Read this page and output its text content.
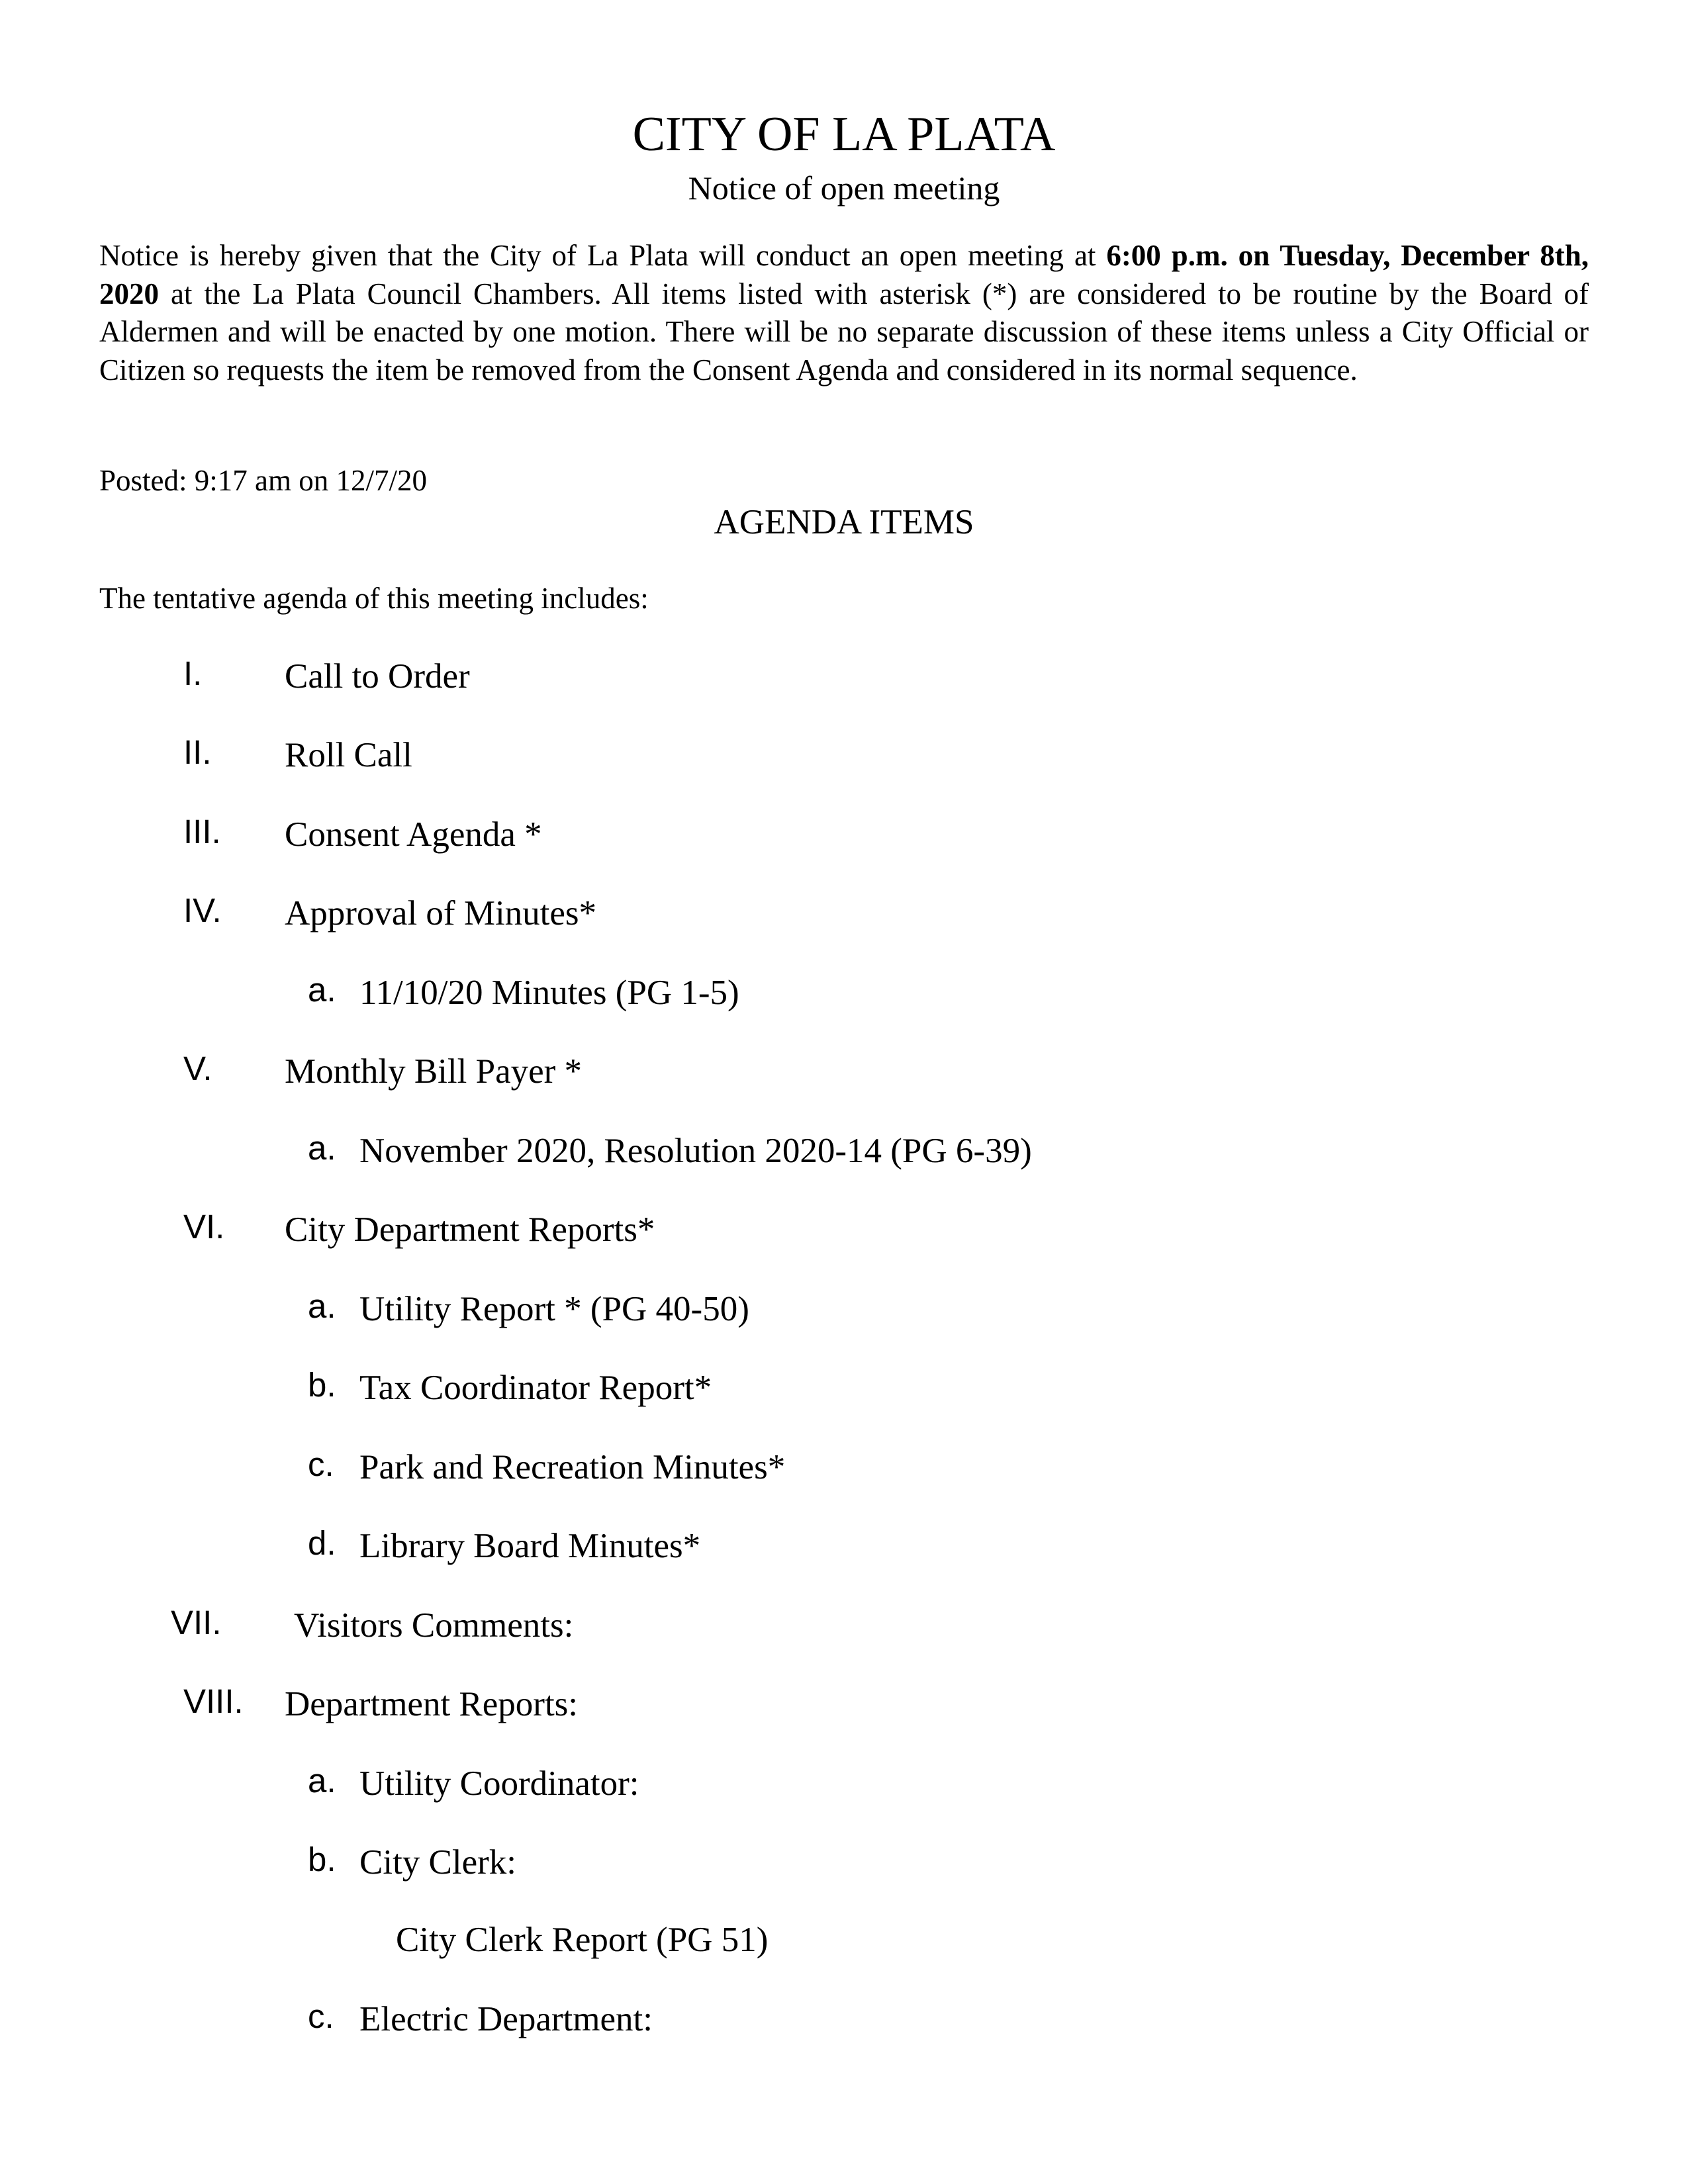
CITY OF LA PLATA
Notice of open meeting
Notice is hereby given that the City of La Plata will conduct an open meeting at 6:00 p.m. on Tuesday, December 8th, 2020 at the La Plata Council Chambers. All items listed with asterisk (*) are considered to be routine by the Board of Aldermen and will be enacted by one motion. There will be no separate discussion of these items unless a City Official or Citizen so requests the item be removed from the Consent Agenda and considered in its normal sequence.
Posted: 9:17 am on 12/7/20
AGENDA ITEMS
The tentative agenda of this meeting includes:
I. Call to Order
II. Roll Call
III. Consent Agenda *
IV. Approval of Minutes*
a. 11/10/20 Minutes (PG 1-5)
V. Monthly Bill Payer *
a. November 2020, Resolution 2020-14 (PG 6-39)
VI. City Department Reports*
a. Utility Report * (PG 40-50)
b. Tax Coordinator Report*
c. Park and Recreation Minutes*
d. Library Board Minutes*
VII. Visitors Comments:
VIII. Department Reports:
a. Utility Coordinator:
b. City Clerk:
City Clerk Report (PG 51)
c. Electric Department:
